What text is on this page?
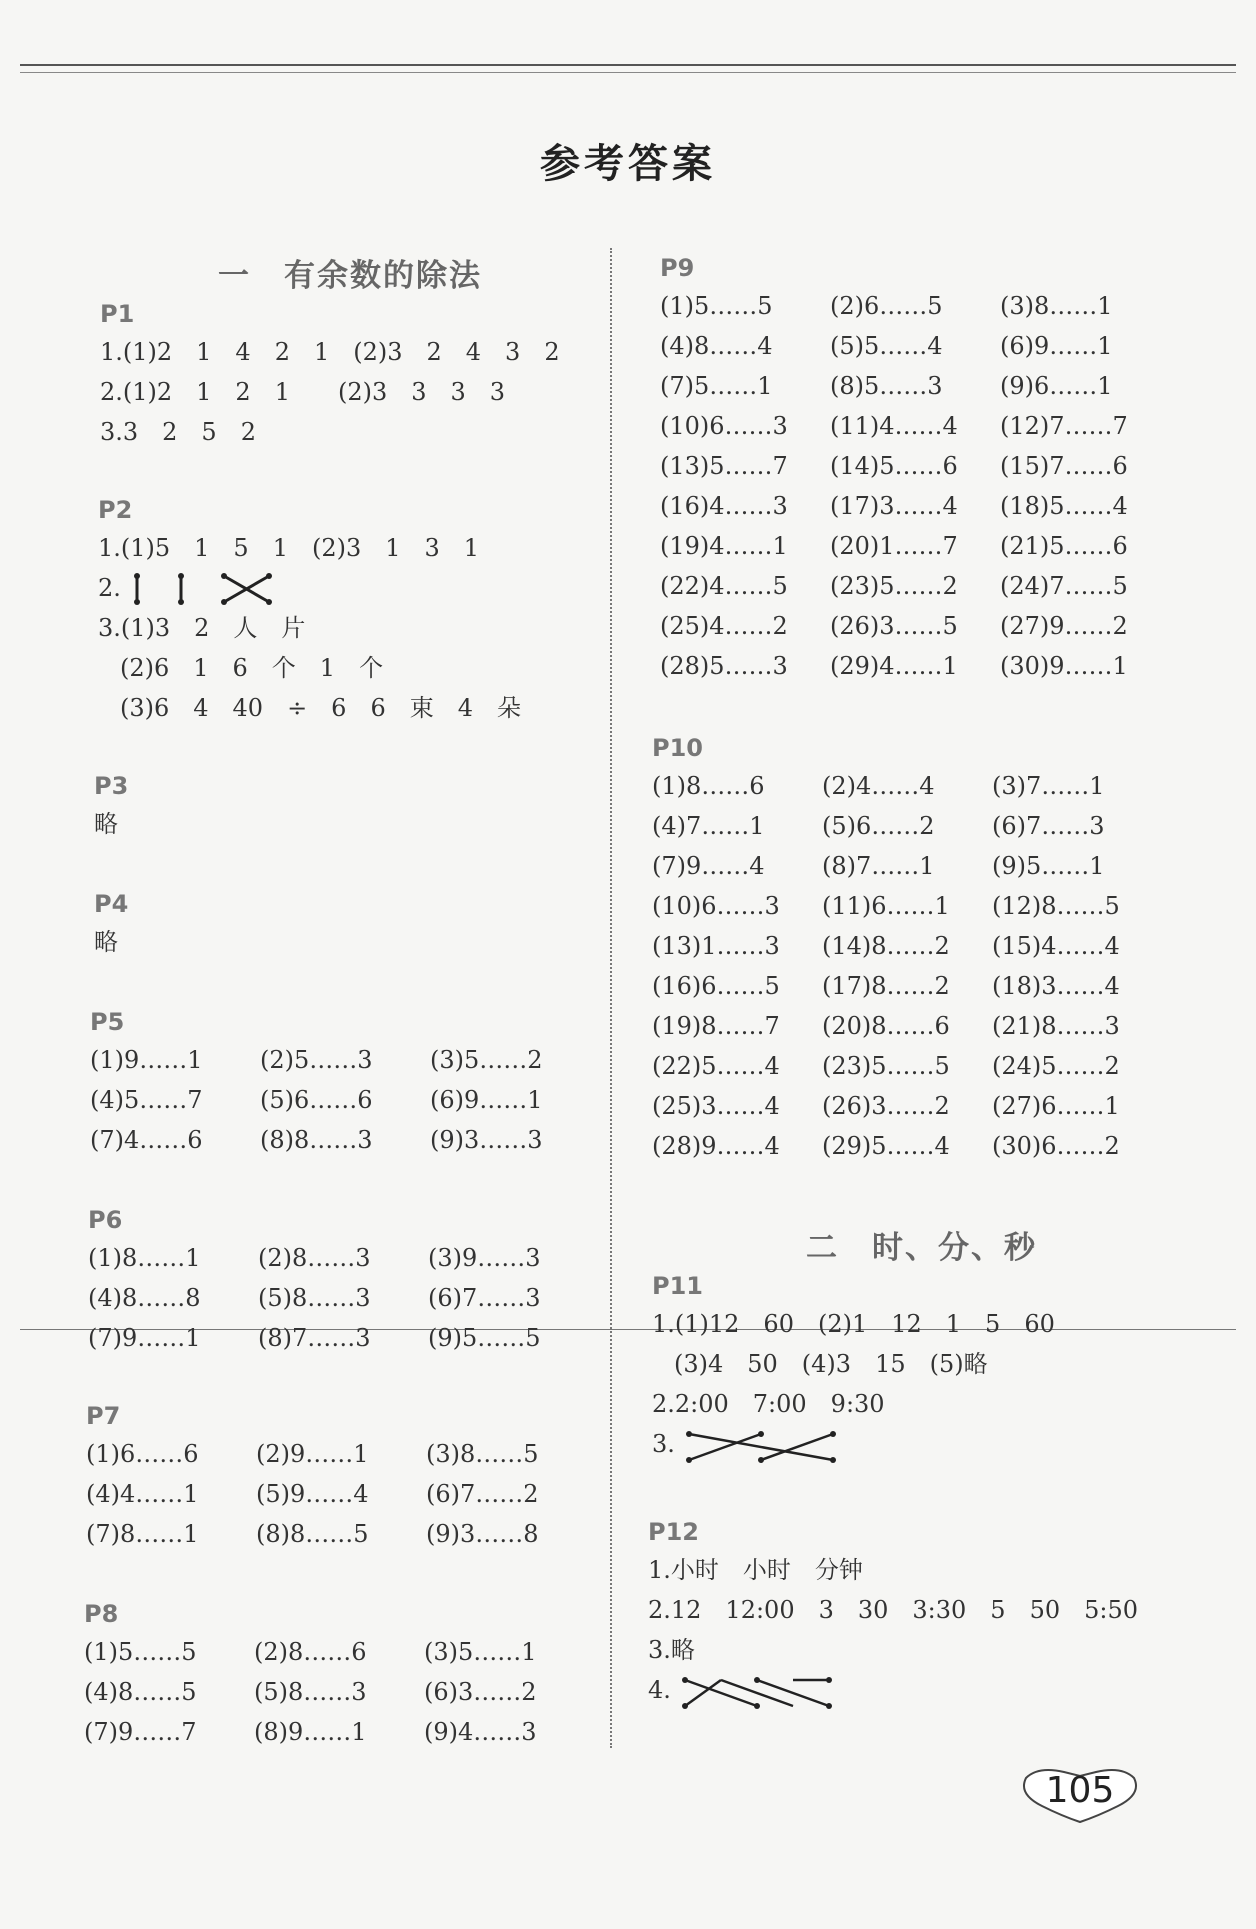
参考答案
一　有余数的除法
P1
1.(1)2　1　4　2　1　(2)3　2　4　3　2
2.(1)2　1　2　1　　(2)3　3　3　3
3.3　2　5　2
P2
1.(1)5　1　5　1　(2)3　1　3　1
2.
3.(1)3　2　人　片
(2)6　1　6　个　1　个
(3)6　4　40　÷　6　6　束　4　朵
P3
略
P4
略
P5
(1)9……1	(2)5……3	(3)5……2
(4)5……7	(5)6……6	(6)9……1
(7)4……6	(8)8……3	(9)3……3
P6
(1)8……1	(2)8……3	(3)9……3
(4)8……8	(5)8……3	(6)7……3
(7)9……1	(8)7……3	(9)5……5
P7
(1)6……6	(2)9……1	(3)8……5
(4)4……1	(5)9……4	(6)7……2
(7)8……1	(8)8……5	(9)3……8
P8
(1)5……5	(2)8……6	(3)5……1
(4)8……5	(5)8……3	(6)3……2
(7)9……7	(8)9……1	(9)4……3
P9
(1)5……5	(2)6……5	(3)8……1
(4)8……4	(5)5……4	(6)9……1
(7)5……1	(8)5……3	(9)6……1
(10)6……3	(11)4……4	(12)7……7
(13)5……7	(14)5……6	(15)7……6
(16)4……3	(17)3……4	(18)5……4
(19)4……1	(20)1……7	(21)5……6
(22)4……5	(23)5……2	(24)7……5
(25)4……2	(26)3……5	(27)9……2
(28)5……3	(29)4……1	(30)9……1
P10
(1)8……6	(2)4……4	(3)7……1
(4)7……1	(5)6……2	(6)7……3
(7)9……4	(8)7……1	(9)5……1
(10)6……3	(11)6……1	(12)8……5
(13)1……3	(14)8……2	(15)4……4
(16)6……5	(17)8……2	(18)3……4
(19)8……7	(20)8……6	(21)8……3
(22)5……4	(23)5……5	(24)5……2
(25)3……4	(26)3……2	(27)6……1
(28)9……4	(29)5……4	(30)6……2
二　时、分、秒
P11
1.(1)12　60　(2)1　12　1　5　60
(3)4　50　(4)3　15　(5)略
2.2:00　7:00　9:30
3.
P12
1.小时　小时　分钟
2.12　12:00　3　30　3:30　5　50　5:50
3.略
4.
105
